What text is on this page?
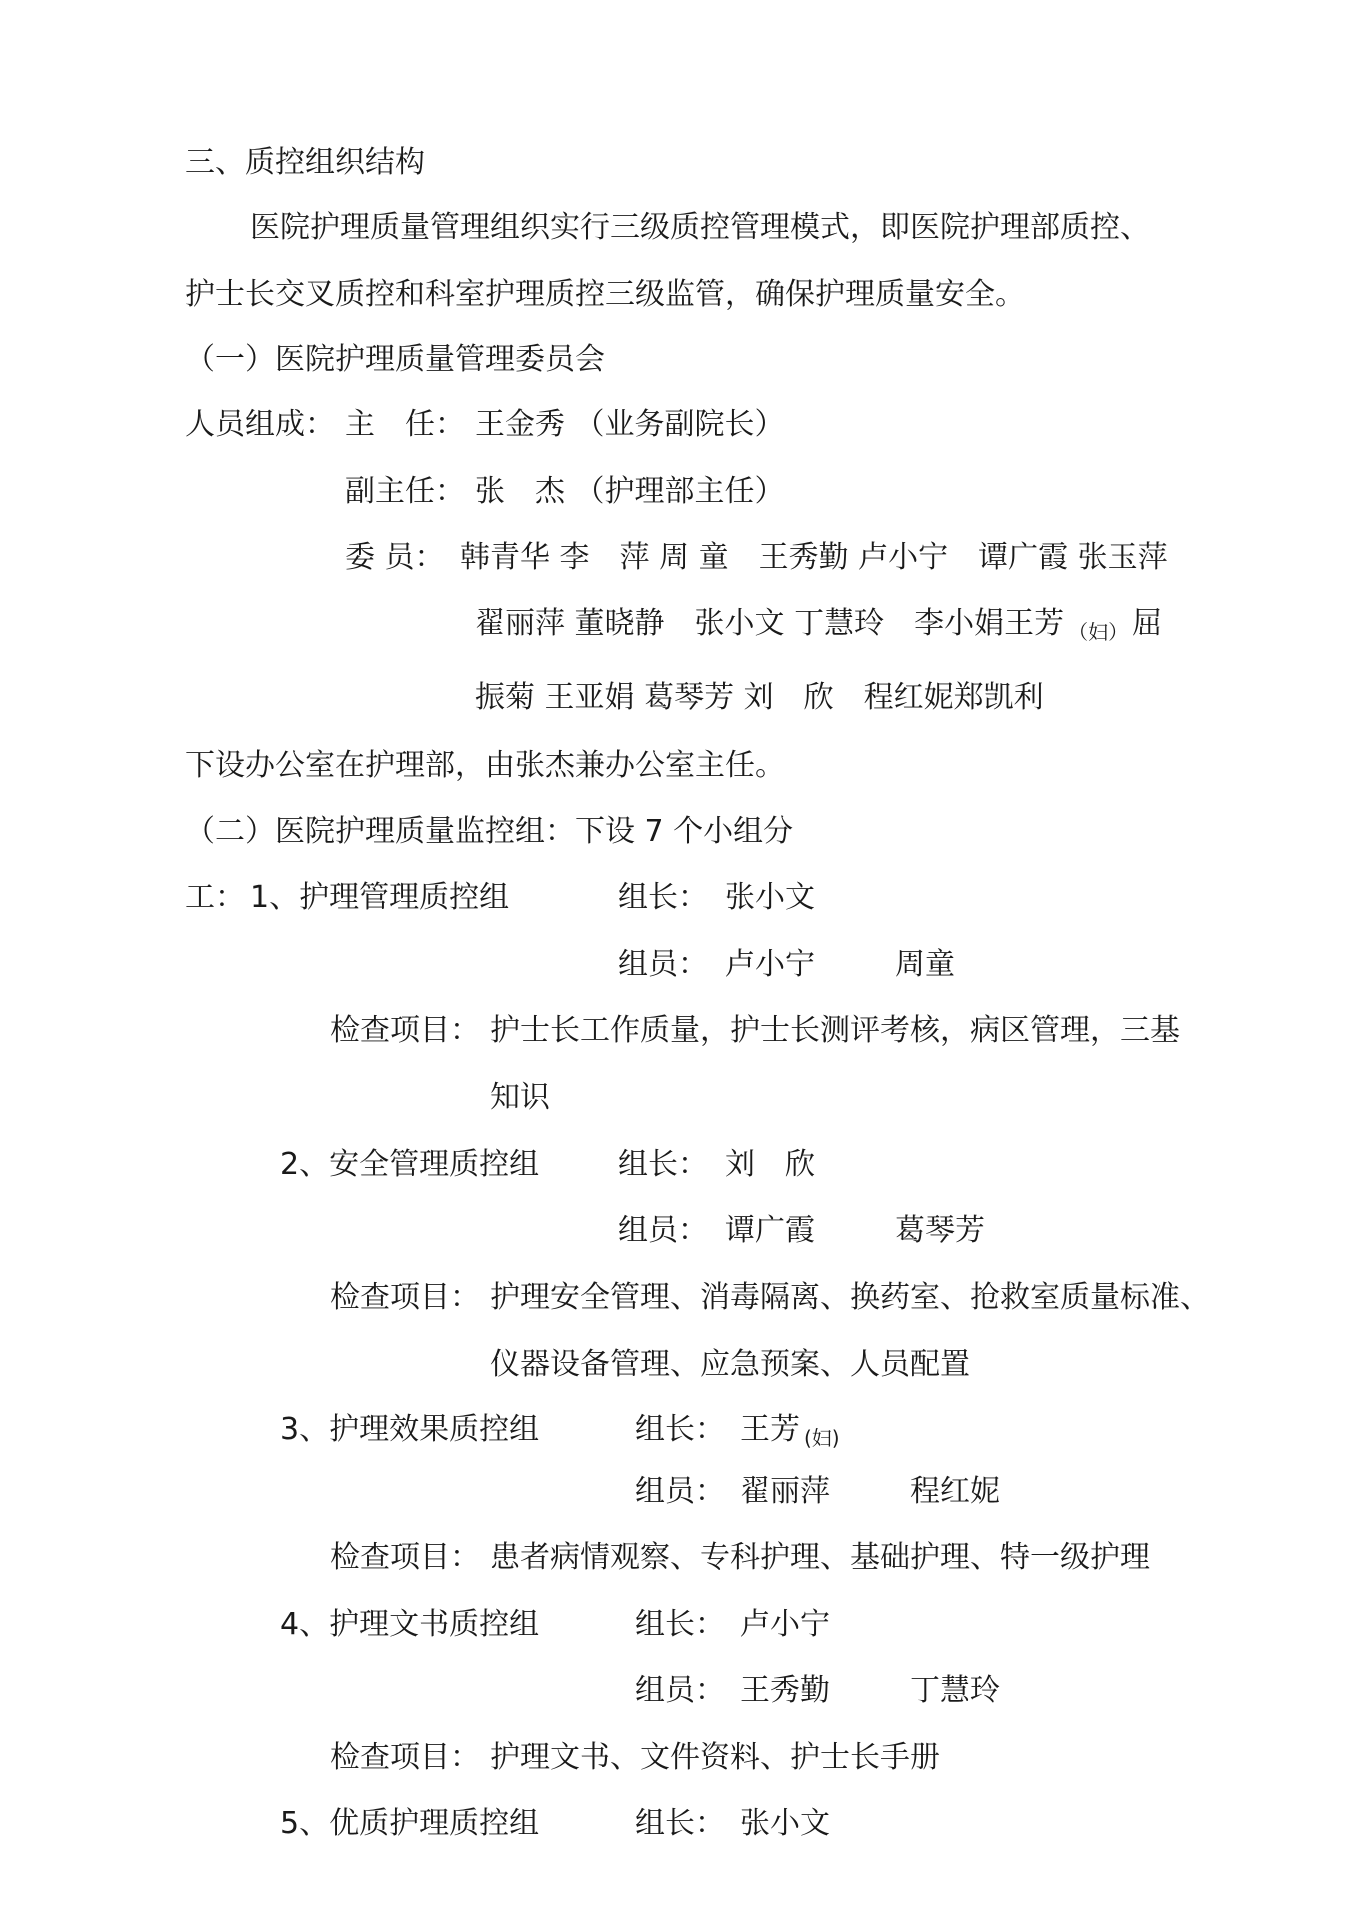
三、质控组织结构
医院护理质量管理组织实行三级质控管理模式，即医院护理部质控、
护士长交叉质控和科室护理质控三级监管，确保护理质量安全。
（一）医院护理质量管理委员会
人员组成： 主　任： 王金秀 （业务副院长）
副主任： 张　杰 （护理部主任）
委 员： 韩青华 李　萍 周 童　王秀勤 卢小宁　谭广霞 张玉萍
翟丽萍 董晓静　张小文 丁慧玲　李小娟王芳 $_{(妇)}$ 屈
振菊 王亚娟 葛琴芳 刘　欣　程红妮郑凯利
下设办公室在护理部，由张杰兼办公室主任。
（二）医院护理质量监控组：下设 7 个小组分
工： 1、护理管理质控组	组长： 张小文
组员： 卢小宁	周童
检查项目： 护士长工作质量，护士长测评考核，病区管理，三基
知识
2、安全管理质控组	组长： 刘　欣
组员： 谭广霞	葛琴芳
检查项目： 护理安全管理、消毒隔离、换药室、抢救室质量标准、
仪器设备管理、应急预案、人员配置
3、护理效果质控组	组长： 王芳 $_{(妇)}$
组员： 翟丽萍	程红妮
检查项目： 患者病情观察、专科护理、基础护理、特一级护理
4、护理文书质控组	组长： 卢小宁
组员： 王秀勤	丁慧玲
检查项目： 护理文书、文件资料、护士长手册
5、优质护理质控组	组长： 张小文
